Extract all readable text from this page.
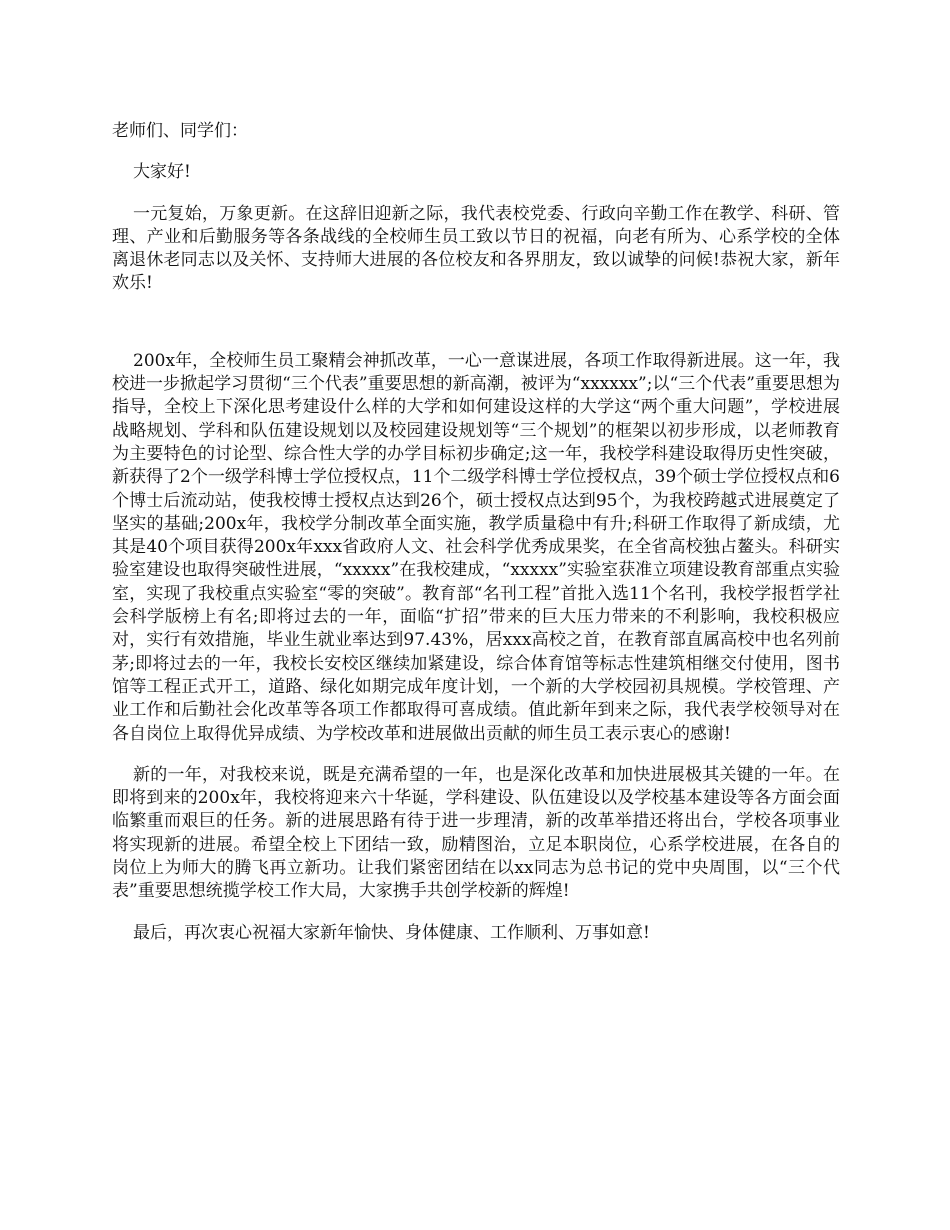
老师们、同学们：

大家好!

一元复始，万象更新。在这辞旧迎新之际，我代表校党委、行政向辛勤工作在教学、科研、管理、产业和后勤服务等各条战线的全校师生员工致以节日的祝福，向老有所为、心系学校的全体离退休老同志以及关怀、支持师大进展的各位校友和各界朋友，致以诚挚的问候!恭祝大家，新年欢乐!

200x年，全校师生员工聚精会神抓改革，一心一意谋进展，各项工作取得新进展。这一年，我校进一步掀起学习贯彻“三个代表”重要思想的新高潮，被评为“xxxxxx”;以“三个代表”重要思想为指导，全校上下深化思考建设什么样的大学和如何建设这样的大学这“两个重大问题”，学校进展战略规划、学科和队伍建设规划以及校园建设规划等“三个规划”的框架以初步形成，以老师教育为主要特色的讨论型、综合性大学的办学目标初步确定;这一年，我校学科建设取得历史性突破，新获得了2个一级学科博士学位授权点，11个二级学科博士学位授权点，39个硕士学位授权点和6个博士后流动站，使我校博士授权点达到26个，硕士授权点达到95个，为我校跨越式进展奠定了坚实的基础;200x年，我校学分制改革全面实施，教学质量稳中有升;科研工作取得了新成绩，尤其是40个项目获得200x年xxx省政府人文、社会科学优秀成果奖，在全省高校独占鳌头。科研实验室建设也取得突破性进展，“xxxxx”在我校建成，“xxxxx”实验室获准立项建设教育部重点实验室，实现了我校重点实验室“零的突破”。教育部“名刊工程”首批入选11个名刊，我校学报哲学社会科学版榜上有名;即将过去的一年，面临“扩招”带来的巨大压力带来的不利影响，我校积极应对，实行有效措施，毕业生就业率达到97.43%，居xxx高校之首，在教育部直属高校中也名列前茅;即将过去的一年，我校长安校区继续加紧建设，综合体育馆等标志性建筑相继交付使用，图书馆等工程正式开工，道路、绿化如期完成年度计划，一个新的大学校园初具规模。学校管理、产业工作和后勤社会化改革等各项工作都取得可喜成绩。值此新年到来之际，我代表学校领导对在各自岗位上取得优异成绩、为学校改革和进展做出贡献的师生员工表示衷心的感谢!

新的一年，对我校来说，既是充满希望的一年，也是深化改革和加快进展极其关键的一年。在即将到来的200x年，我校将迎来六十华诞，学科建设、队伍建设以及学校基本建设等各方面会面临繁重而艰巨的任务。新的进展思路有待于进一步理清，新的改革举措还将出台，学校各项事业将实现新的进展。希望全校上下团结一致，励精图治，立足本职岗位，心系学校进展，在各自的岗位上为师大的腾飞再立新功。让我们紧密团结在以xx同志为总书记的党中央周围，以“三个代表”重要思想统揽学校工作大局，大家携手共创学校新的辉煌!

最后，再次衷心祝福大家新年愉快、身体健康、工作顺利、万事如意!
